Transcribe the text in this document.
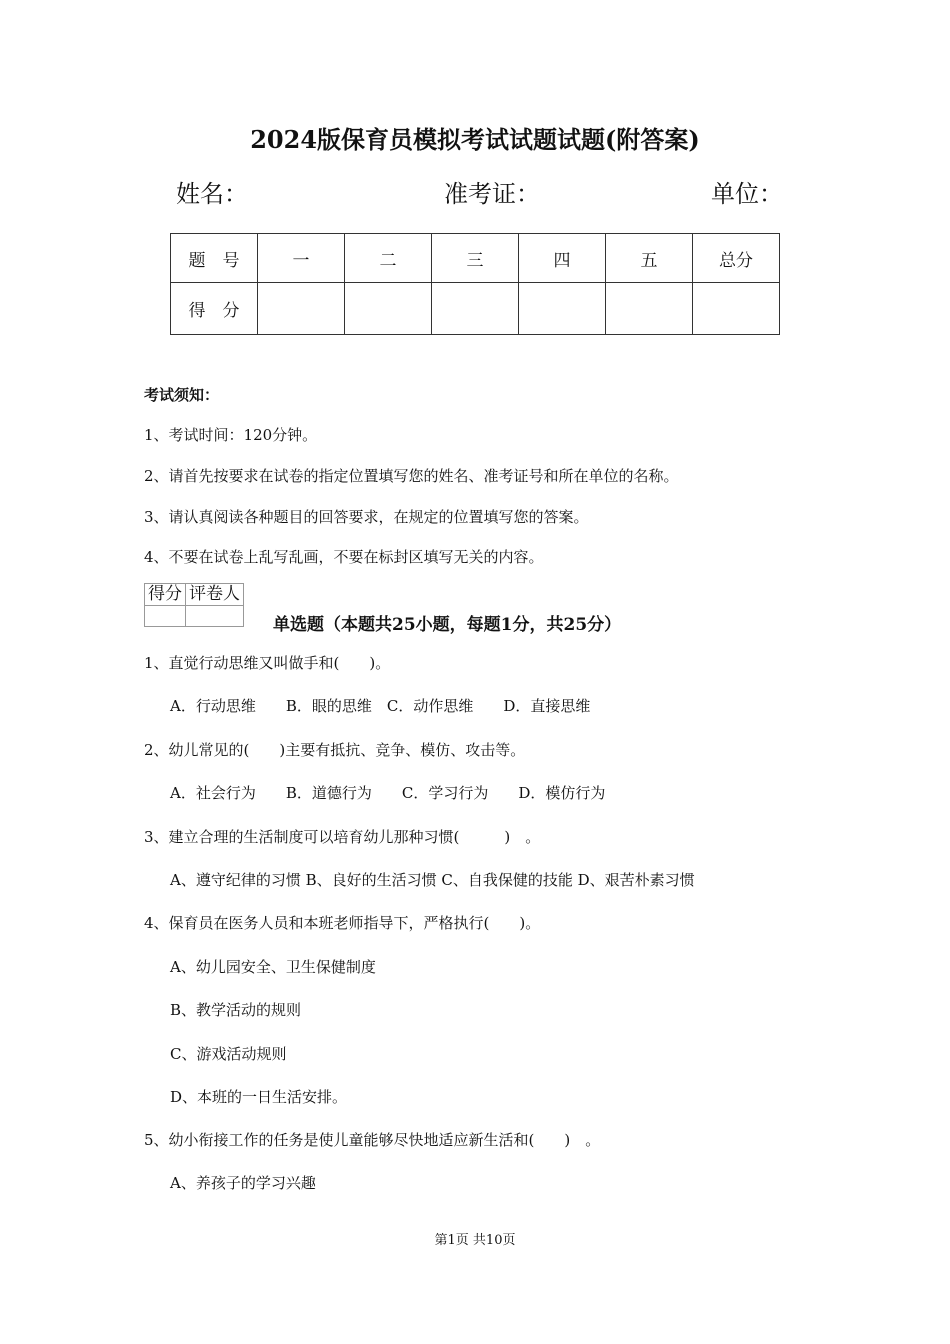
2024版保育员模拟考试试题试题(附答案)
姓名：	准考证：	单位：
题　号	一	二	三	四	五	总分
得　分						
考试须知：
1、考试时间：120分钟。
2、请首先按要求在试卷的指定位置填写您的姓名、准考证号和所在单位的名称。
3、请认真阅读各种题目的回答要求，在规定的位置填写您的答案。
4、不要在试卷上乱写乱画，不要在标封区填写无关的内容。
得分	评卷人

单选题（本题共25小题，每题1分，共25分）
1、直觉行动思维又叫做手和(　　)。
A．行动思维　　B．眼的思维　C．动作思维　　D．直接思维
2、幼儿常见的(　　)主要有抵抗、竞争、模仿、攻击等。
A．社会行为　　B．道德行为　　C．学习行为　　D．模仿行为
3、建立合理的生活制度可以培育幼儿那种习惯(　　　)　。
A、遵守纪律的习惯 B、良好的生活习惯 C、自我保健的技能 D、艰苦朴素习惯
4、保育员在医务人员和本班老师指导下，严格执行(　　)。
A、幼儿园安全、卫生保健制度
B、教学活动的规则
C、游戏活动规则
D、本班的一日生活安排。
5、幼小衔接工作的任务是使儿童能够尽快地适应新生活和(　　)　。
A、养孩子的学习兴趣
第1页 共10页
